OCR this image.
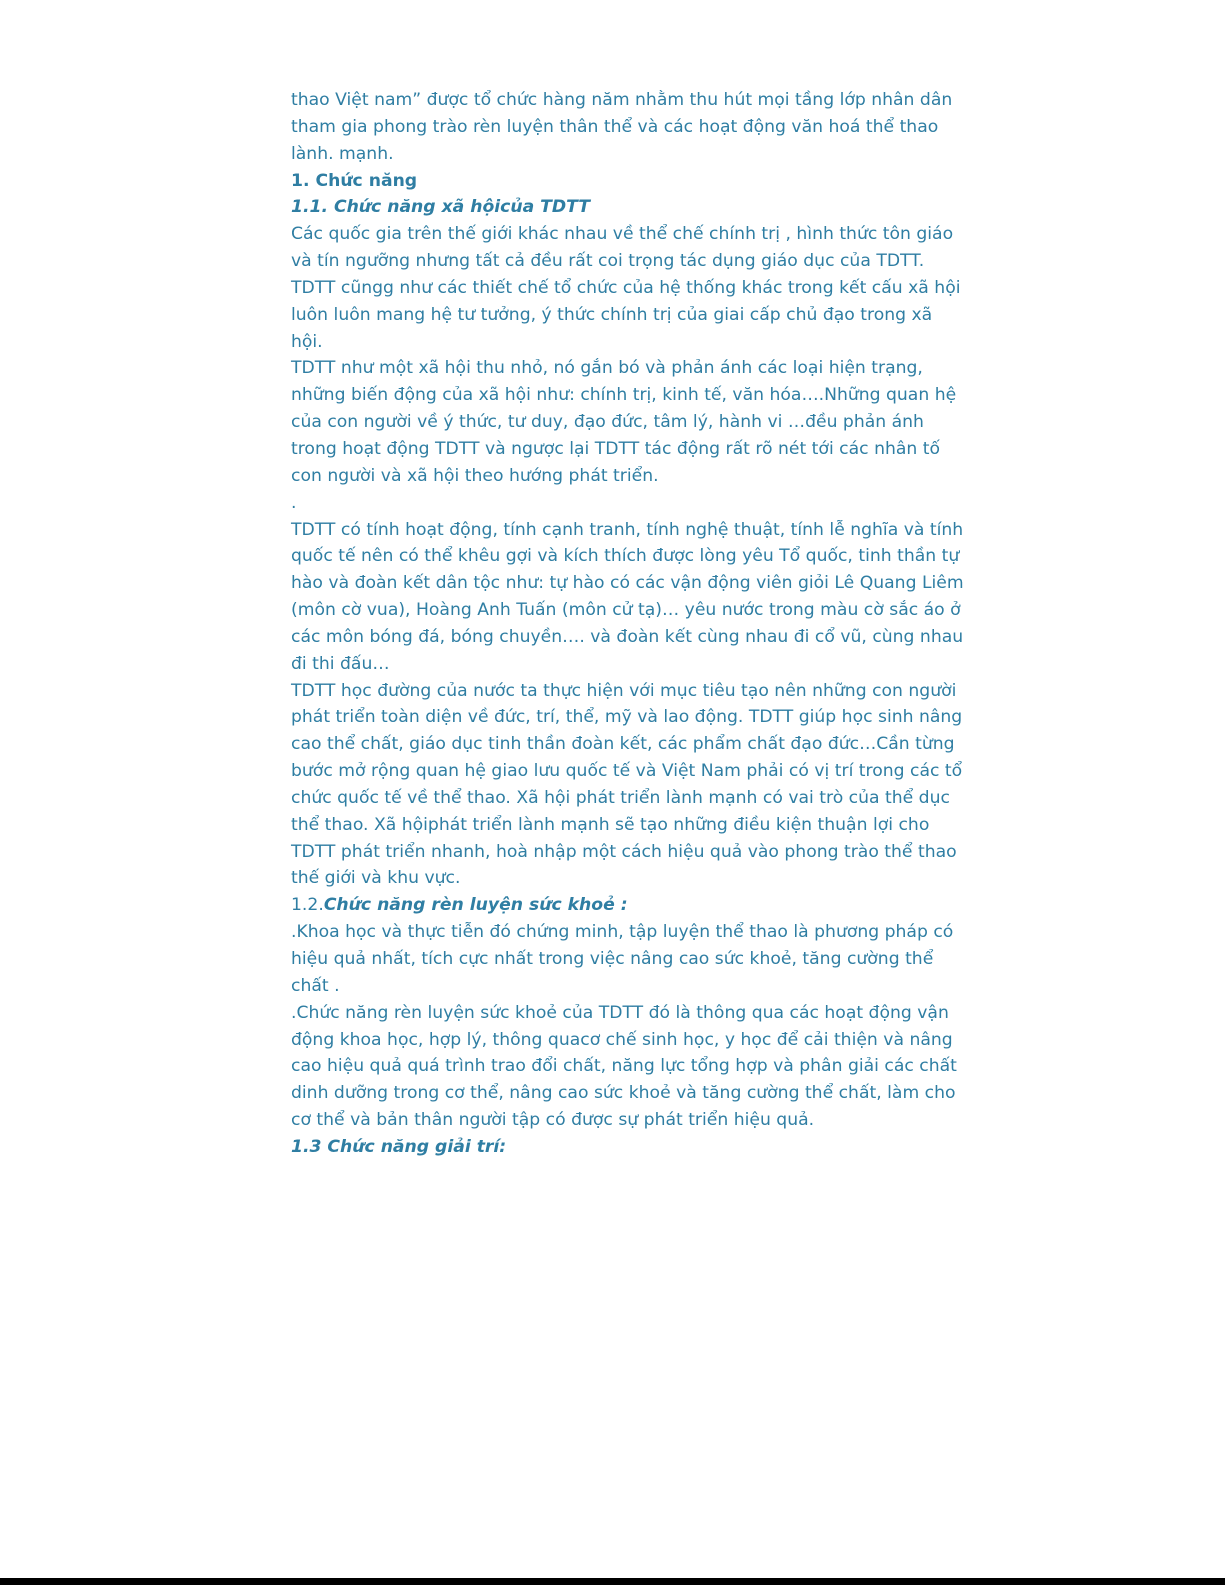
thao Việt nam” được tổ chức hàng năm nhằm thu hút mọi tầng lớp nhân dân
tham gia phong trào rèn luyện thân thể và các hoạt động văn hoá thể thao
lành. mạnh.
1. Chức năng
1.1. Chức năng xã hộicủa TDTT
Các quốc gia trên thế giới khác nhau về thể chế chính trị , hình thức tôn giáo
và tín ngưỡng nhưng tất cả đều rất coi trọng tác dụng giáo dục của TDTT.
TDTT cũngg như các thiết chế tổ chức của hệ thống khác trong kết cấu xã hội
luôn luôn mang hệ tư tưởng, ý thức chính trị của giai cấp chủ đạo trong xã
hội.
TDTT như một xã hội thu nhỏ, nó gắn bó và phản ánh các loại hiện trạng,
những biến động của xã hội như: chính trị, kinh tế, văn hóa….Những quan hệ
của con người về ý thức, tư duy, đạo đức, tâm lý, hành vi …đều phản ánh
trong hoạt động TDTT và ngược lại TDTT tác động rất rõ nét tới các nhân tố
con người và xã hội theo hướng phát triển.
.
TDTT có tính hoạt động, tính cạnh tranh, tính nghệ thuật, tính lễ nghĩa và tính
quốc tế nên có thể khêu gợi và kích thích được lòng yêu Tổ quốc, tinh thần tự
hào và đoàn kết dân tộc như: tự hào có các vận động viên giỏi Lê Quang Liêm
(môn cờ vua), Hoàng Anh Tuấn (môn cử tạ)… yêu nước trong màu cờ sắc áo ở
các môn bóng đá, bóng chuyền…. và đoàn kết cùng nhau đi cổ vũ, cùng nhau
đi thi đấu…
TDTT học đường của nước ta thực hiện với mục tiêu tạo nên những con người
phát triển toàn diện về đức, trí, thể, mỹ và lao động. TDTT giúp học sinh nâng
cao thể chất, giáo dục tinh thần đoàn kết, các phẩm chất đạo đức…Cần từng
bước mở rộng quan hệ giao lưu quốc tế và Việt Nam phải có vị trí trong các tổ
chức quốc tế về thể thao. Xã hội phát triển lành mạnh có vai trò của thể dục
thể thao. Xã hộiphát triển lành mạnh sẽ tạo những điều kiện thuận lợi cho
TDTT phát triển nhanh, hoà nhập một cách hiệu quả vào phong trào thể thao
thế giới và khu vực.
1.2.Chức năng rèn luyện sức khoẻ :
.Khoa học và thực tiễn đó chứng minh, tập luyện thể thao là phương pháp có
hiệu quả nhất, tích cực nhất trong việc nâng cao sức khoẻ, tăng cường thể
chất .
.Chức năng rèn luyện sức khoẻ của TDTT đó là thông qua các hoạt động vận
động khoa học, hợp lý, thông quacơ chế sinh học, y học để cải thiện và nâng
cao hiệu quả quá trình trao đổi chất, năng lực tổng hợp và phân giải các chất
dinh dưỡng trong cơ thể, nâng cao sức khoẻ và tăng cường thể chất, làm cho
cơ thể và bản thân người tập có được sự phát triển hiệu quả.
1.3 Chức năng giải trí:
